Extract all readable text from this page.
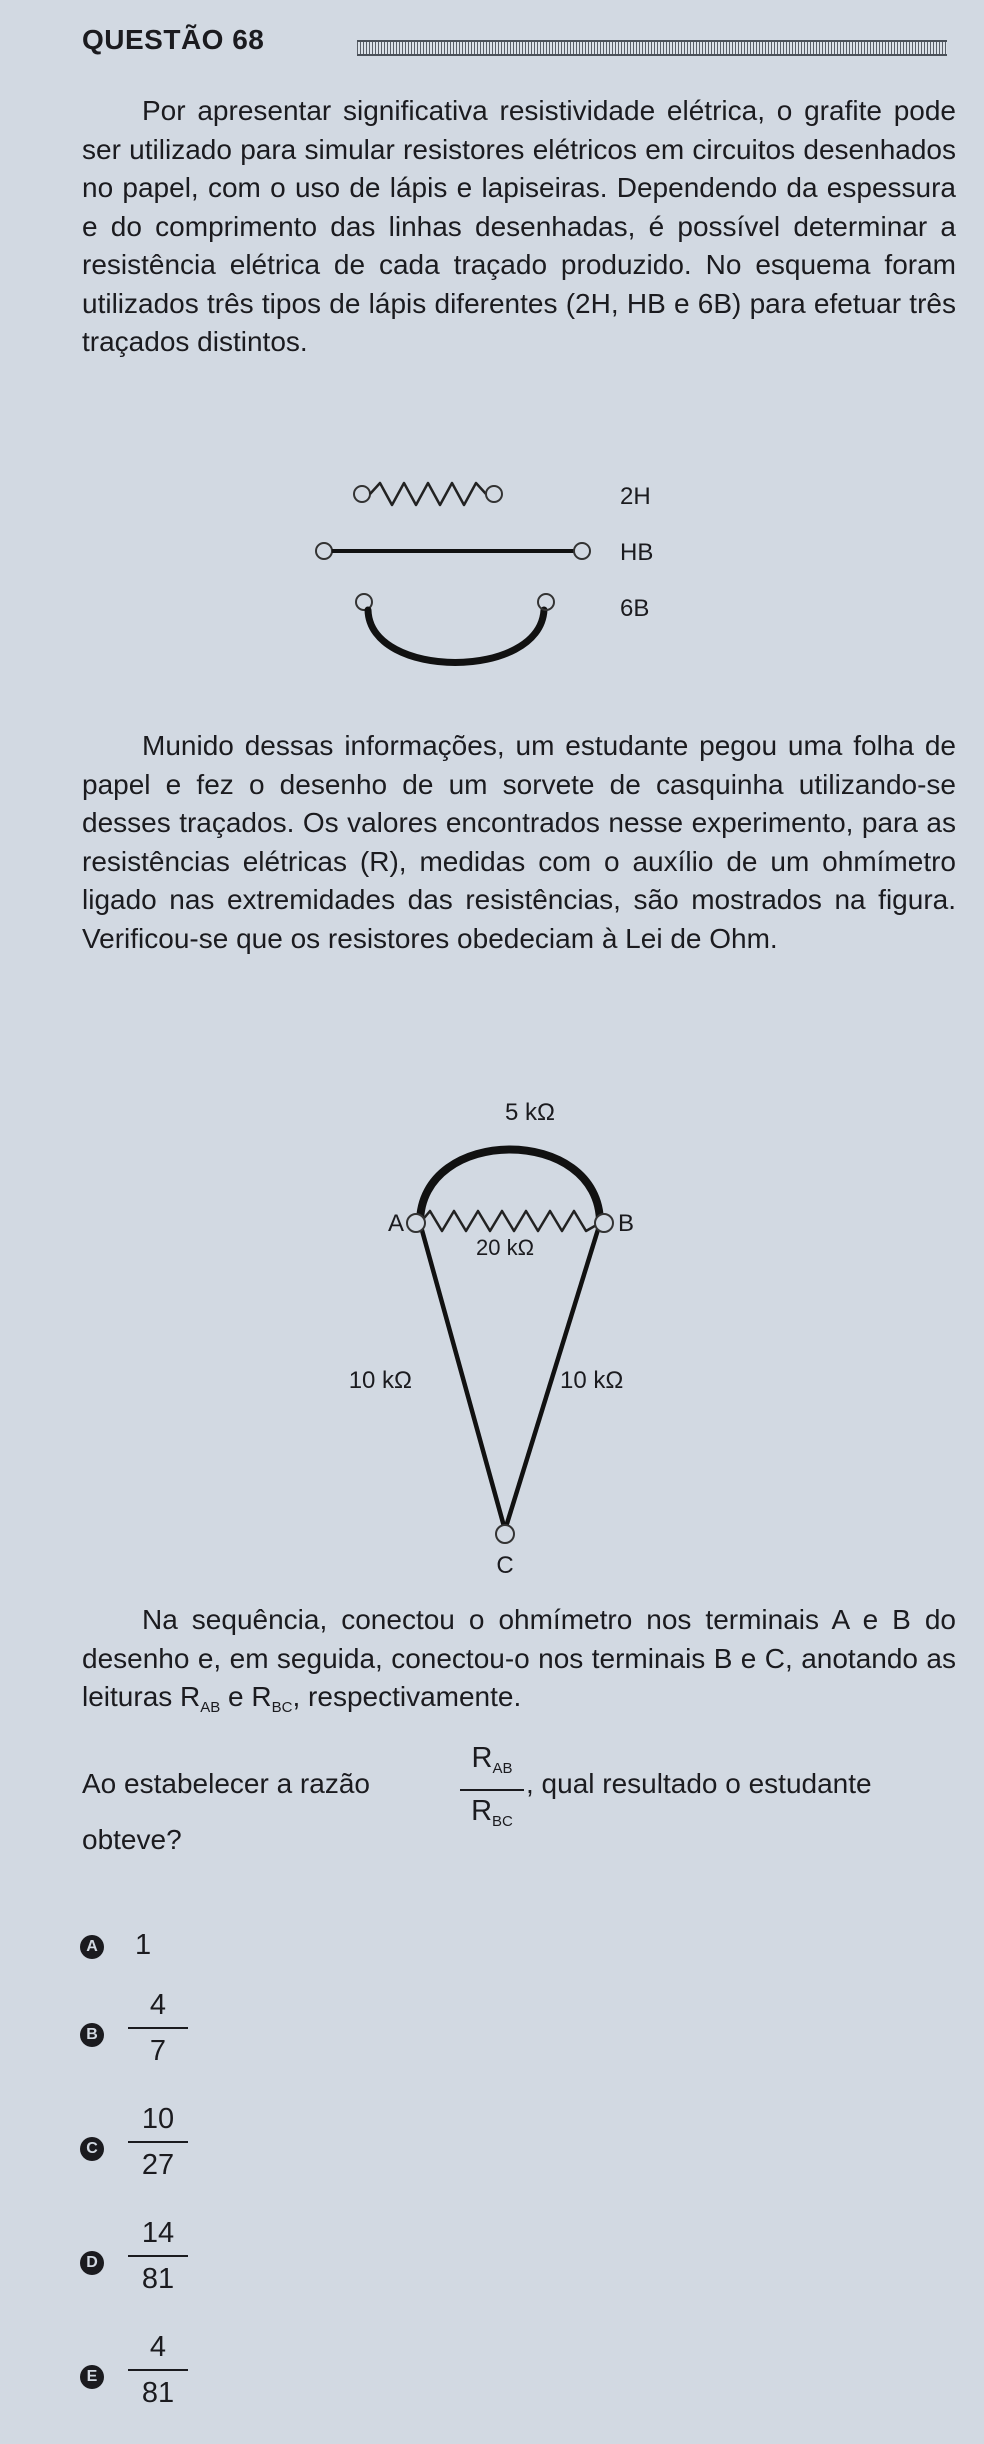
QUESTÃO 68

Por apresentar significativa resistividade elétrica, o grafite pode ser utilizado para simular resistores elétricos em circuitos desenhados no papel, com o uso de lápis e lapiseiras. Dependendo da espessura e do comprimento das linhas desenhadas, é possível determinar a resistência elétrica de cada traçado produzido. No esquema foram utilizados três tipos de lápis diferentes (2H, HB e 6B) para efetuar três traçados distintos.

2H
HB
6B

Munido dessas informações, um estudante pegou uma folha de papel e fez o desenho de um sorvete de casquinha utilizando-se desses traçados. Os valores encontrados nesse experimento, para as resistências elétricas (R), medidas com o auxílio de um ohmímetro ligado nas extremidades das resistências, são mostrados na figura. Verificou-se que os resistores obedeciam à Lei de Ohm.

5 kΩ
20 kΩ
A	B
C
10 kΩ	10 kΩ

Na sequência, conectou o ohmímetro nos terminais A e B do desenho e, em seguida, conectou-o nos terminais B e C, anotando as leituras $R_{AB}$ e $R_{BC}$, respectivamente.

Ao estabelecer a razão
$R_{AB}$
$R_{BC}$
, qual resultado o estudante
obteve?
A 1
B
4
7
C
10
27
D
14
81
E
4
81
